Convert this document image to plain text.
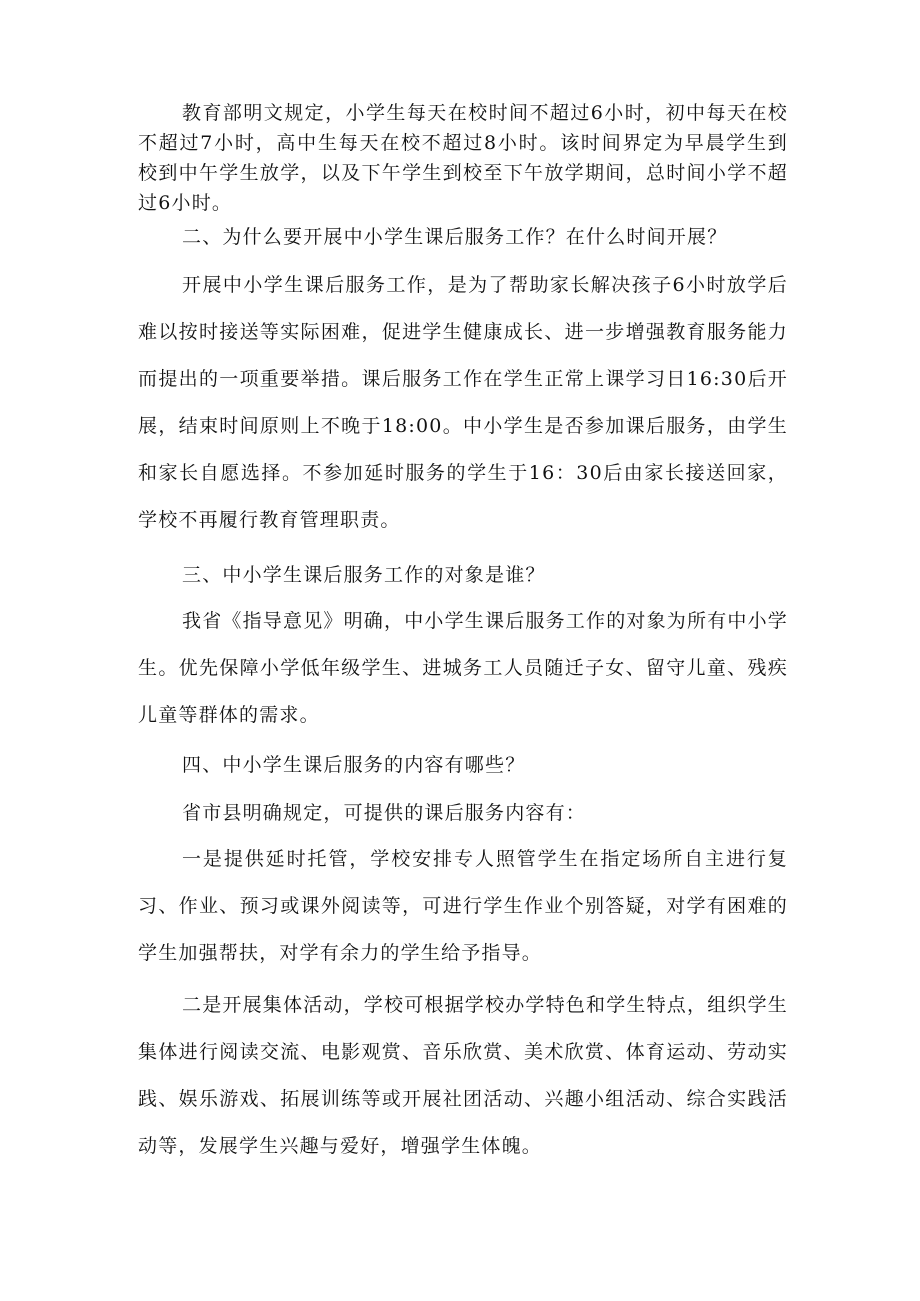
教育部明文规定，小学生每天在校时间不超过6小时，初中每天在校不超过7小时，高中生每天在校不超过8小时。该时间界定为早晨学生到校到中午学生放学，以及下午学生到校至下午放学期间，总时间小学不超过6小时。

二、为什么要开展中小学生课后服务工作？在什么时间开展？

开展中小学生课后服务工作，是为了帮助家长解决孩子6小时放学后难以按时接送等实际困难，促进学生健康成长、进一步增强教育服务能力而提出的一项重要举措。课后服务工作在学生正常上课学习日16:30后开展，结束时间原则上不晚于18:00。中小学生是否参加课后服务，由学生和家长自愿选择。不参加延时服务的学生于16：30后由家长接送回家，学校不再履行教育管理职责。

三、中小学生课后服务工作的对象是谁？

我省《指导意见》明确，中小学生课后服务工作的对象为所有中小学生。优先保障小学低年级学生、进城务工人员随迁子女、留守儿童、残疾儿童等群体的需求。

四、中小学生课后服务的内容有哪些？

省市县明确规定，可提供的课后服务内容有：

一是提供延时托管，学校安排专人照管学生在指定场所自主进行复习、作业、预习或课外阅读等，可进行学生作业个别答疑，对学有困难的学生加强帮扶，对学有余力的学生给予指导。

二是开展集体活动，学校可根据学校办学特色和学生特点，组织学生集体进行阅读交流、电影观赏、音乐欣赏、美术欣赏、体育运动、劳动实践、娱乐游戏、拓展训练等或开展社团活动、兴趣小组活动、综合实践活动等，发展学生兴趣与爱好，增强学生体魄。
